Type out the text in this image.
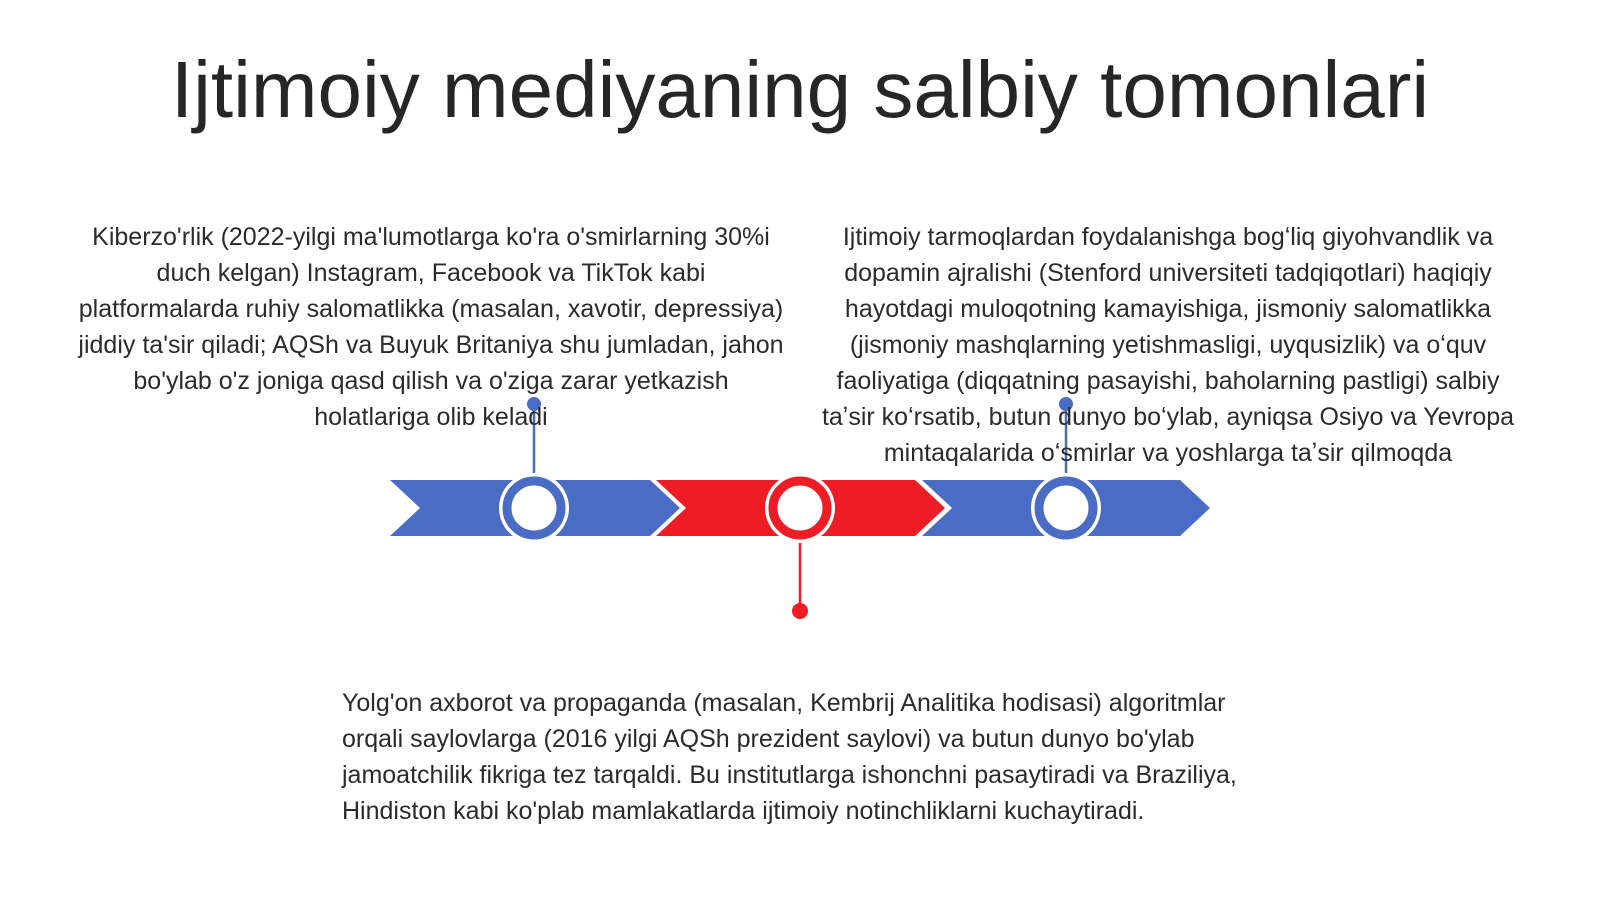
Ijtimoiy mediyaning salbiy tomonlari
Kiberzo'rlik (2022-yilgi ma'lumotlarga ko'ra o'smirlarning 30%i duch kelgan) Instagram, Facebook va TikTok kabi platformalarda ruhiy salomatlikka (masalan, xavotir, depressiya) jiddiy ta'sir qiladi; AQSh va Buyuk Britaniya shu jumladan, jahon bo'ylab o'z joniga qasd qilish va o'ziga zarar yetkazish holatlariga olib keladi
Ijtimoiy tarmoqlardan foydalanishga bogʻliq giyohvandlik va dopamin ajralishi (Stenford universiteti tadqiqotlari) haqiqiy hayotdagi muloqotning kamayishiga, jismoniy salomatlikka (jismoniy mashqlarning yetishmasligi, uyqusizlik) va oʻquv faoliyatiga (diqqatning pasayishi, baholarning pastligi) salbiy taʼsir koʻrsatib, butun dunyo boʻylab, ayniqsa Osiyo va Yevropa mintaqalarida oʻsmirlar va yoshlarga taʼsir qilmoqda
Yolg'on axborot va propaganda (masalan, Kembrij Analitika hodisasi) algoritmlar orqali saylovlarga (2016 yilgi AQSh prezident saylovi) va butun dunyo bo'ylab jamoatchilik fikriga tez tarqaldi. Bu institutlarga ishonchni pasaytiradi va Braziliya, Hindiston kabi ko'plab mamlakatlarda ijtimoiy notinchliklarni kuchaytiradi.
